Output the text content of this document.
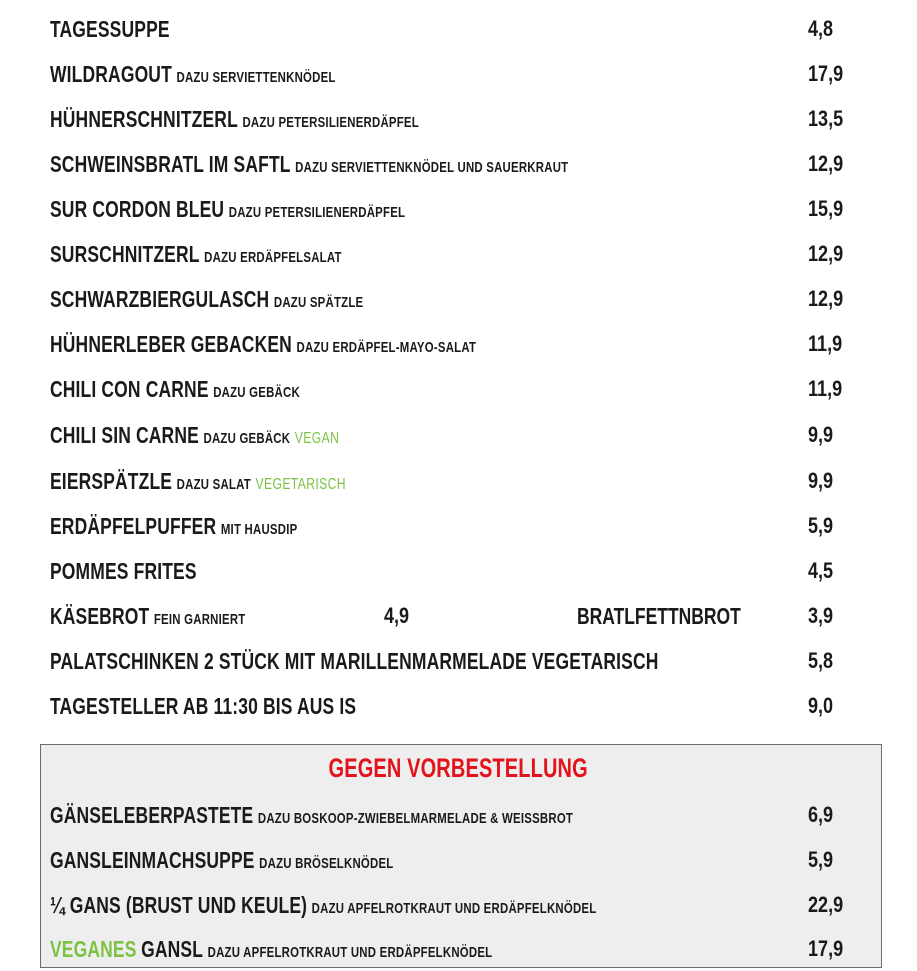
TAGESSUPPE	4,8
WILDRAGOUT DAZU SERVIETTENKNÖDEL	17,9
HÜHNERSCHNITZERL DAZU PETERSILIENERDÄPFEL	13,5
SCHWEINSBRATL IM SAFTL DAZU SERVIETTENKNÖDEL UND SAUERKRAUT	12,9
SUR CORDON BLEU DAZU PETERSILIENERDÄPFEL	15,9
SURSCHNITZERL DAZU ERDÄPFELSALAT	12,9
SCHWARZBIERGULASCH DAZU SPÄTZLE	12,9
HÜHNERLEBER GEBACKEN DAZU ERDÄPFEL-MAYO-SALAT	11,9
CHILI CON CARNE DAZU GEBÄCK	11,9
CHILI SIN CARNE DAZU GEBÄCK VEGAN	9,9
EIERSPÄTZLE DAZU SALAT VEGETARISCH	9,9
ERDÄPFELPUFFER MIT HAUSDIP	5,9
POMMES FRITES	4,5
KÄSEBROT FEIN GARNIERT	4,9	BRATLFETTNBROT	3,9
PALATSCHINKEN 2 STÜCK MIT MARILLENMARMELADE VEGETARISCH	5,8
TAGESTELLER AB 11:30 BIS AUS IS	9,0
GEGEN VORBESTELLUNG
GÄNSELEBERPASTETE DAZU BOSKOOP-ZWIEBELMARMELADE & WEISSBROT	6,9
GANSLEINMACHSUPPE DAZU BRÖSELKNÖDEL	5,9
¼ GANS (BRUST UND KEULE) DAZU APFELROTKRAUT UND ERDÄPFELKNÖDEL	22,9
VEGANES GANSL DAZU APFELROTKRAUT UND ERDÄPFELKNÖDEL	17,9
